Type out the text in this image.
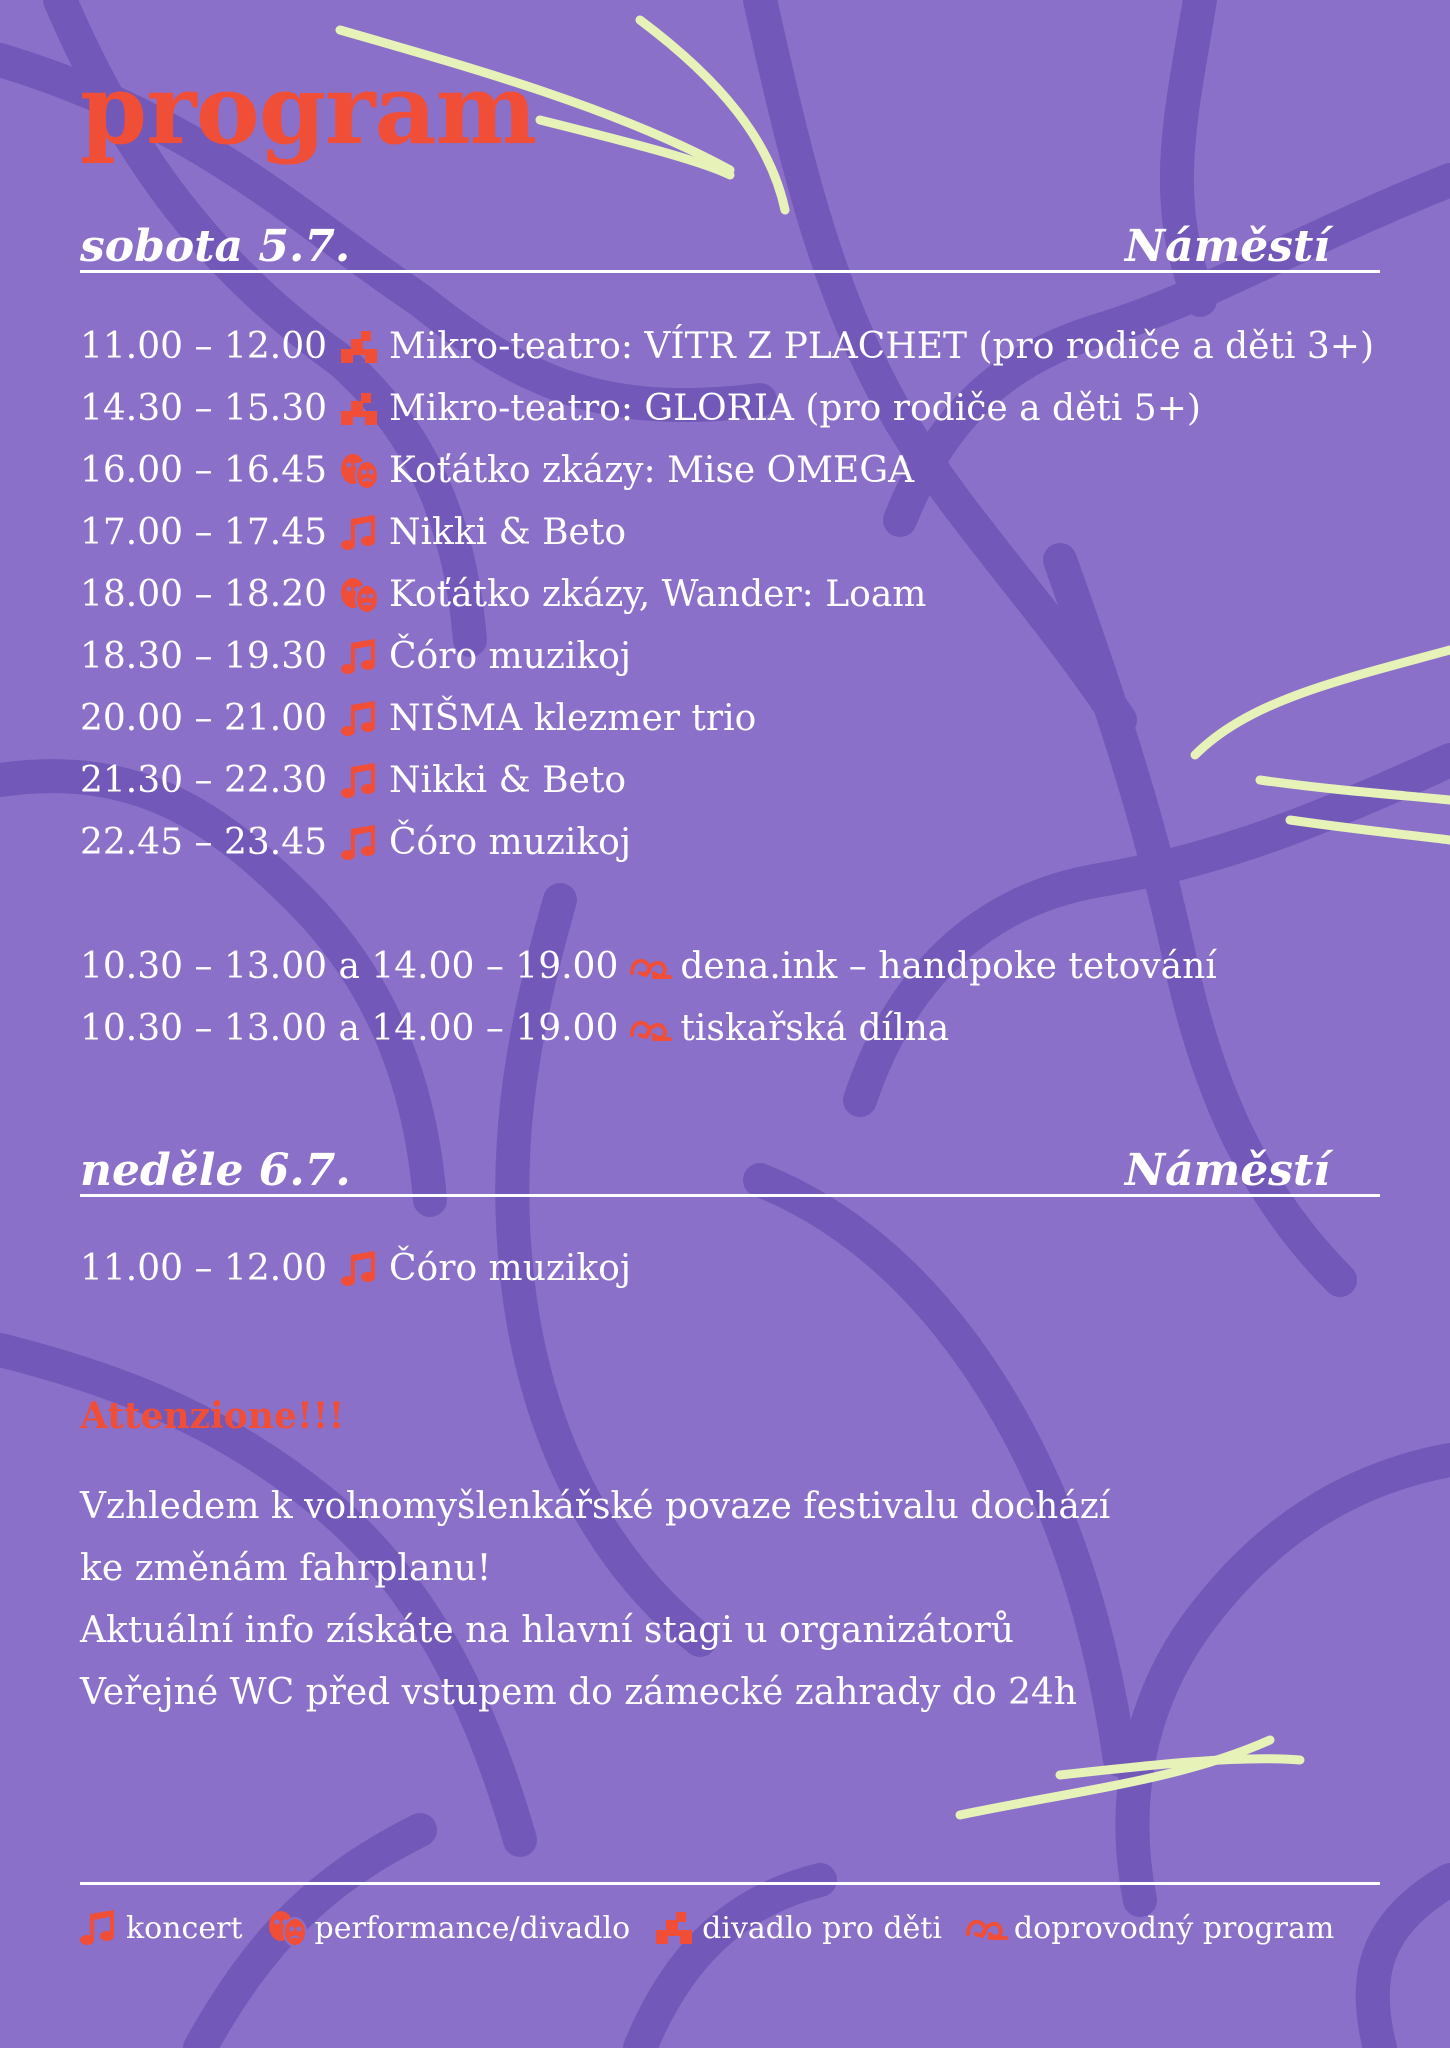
program
sobota 5.7.	Náměstí
11.00 – 12.00 Mikro-teatro: VÍTR Z PLACHET (pro rodiče a děti 3+)
14.30 – 15.30 Mikro-teatro: GLORIA (pro rodiče a děti 5+)
16.00 – 16.45 Koťátko zkázy: Mise OMEGA
17.00 – 17.45 Nikki & Beto
18.00 – 18.20 Koťátko zkázy, Wander: Loam
18.30 – 19.30 Čóro muzikoj
20.00 – 21.00 NIŠMA klezmer trio
21.30 – 22.30 Nikki & Beto
22.45 – 23.45 Čóro muzikoj
10.30 – 13.00 a 14.00 – 19.00 dena.ink – handpoke tetování
10.30 – 13.00 a 14.00 – 19.00 tiskařská dílna
neděle 6.7.	Náměstí
11.00 – 12.00 Čóro muzikoj
Attenzione!!!
Vzhledem k volnomyšlenkářské povaze festivalu dochází
ke změnám fahrplanu!
Aktuální info získáte na hlavní stagi u organizátorů
Veřejné WC před vstupem do zámecké zahrady do 24h
koncert performance/divadlo divadlo pro děti doprovodný program
